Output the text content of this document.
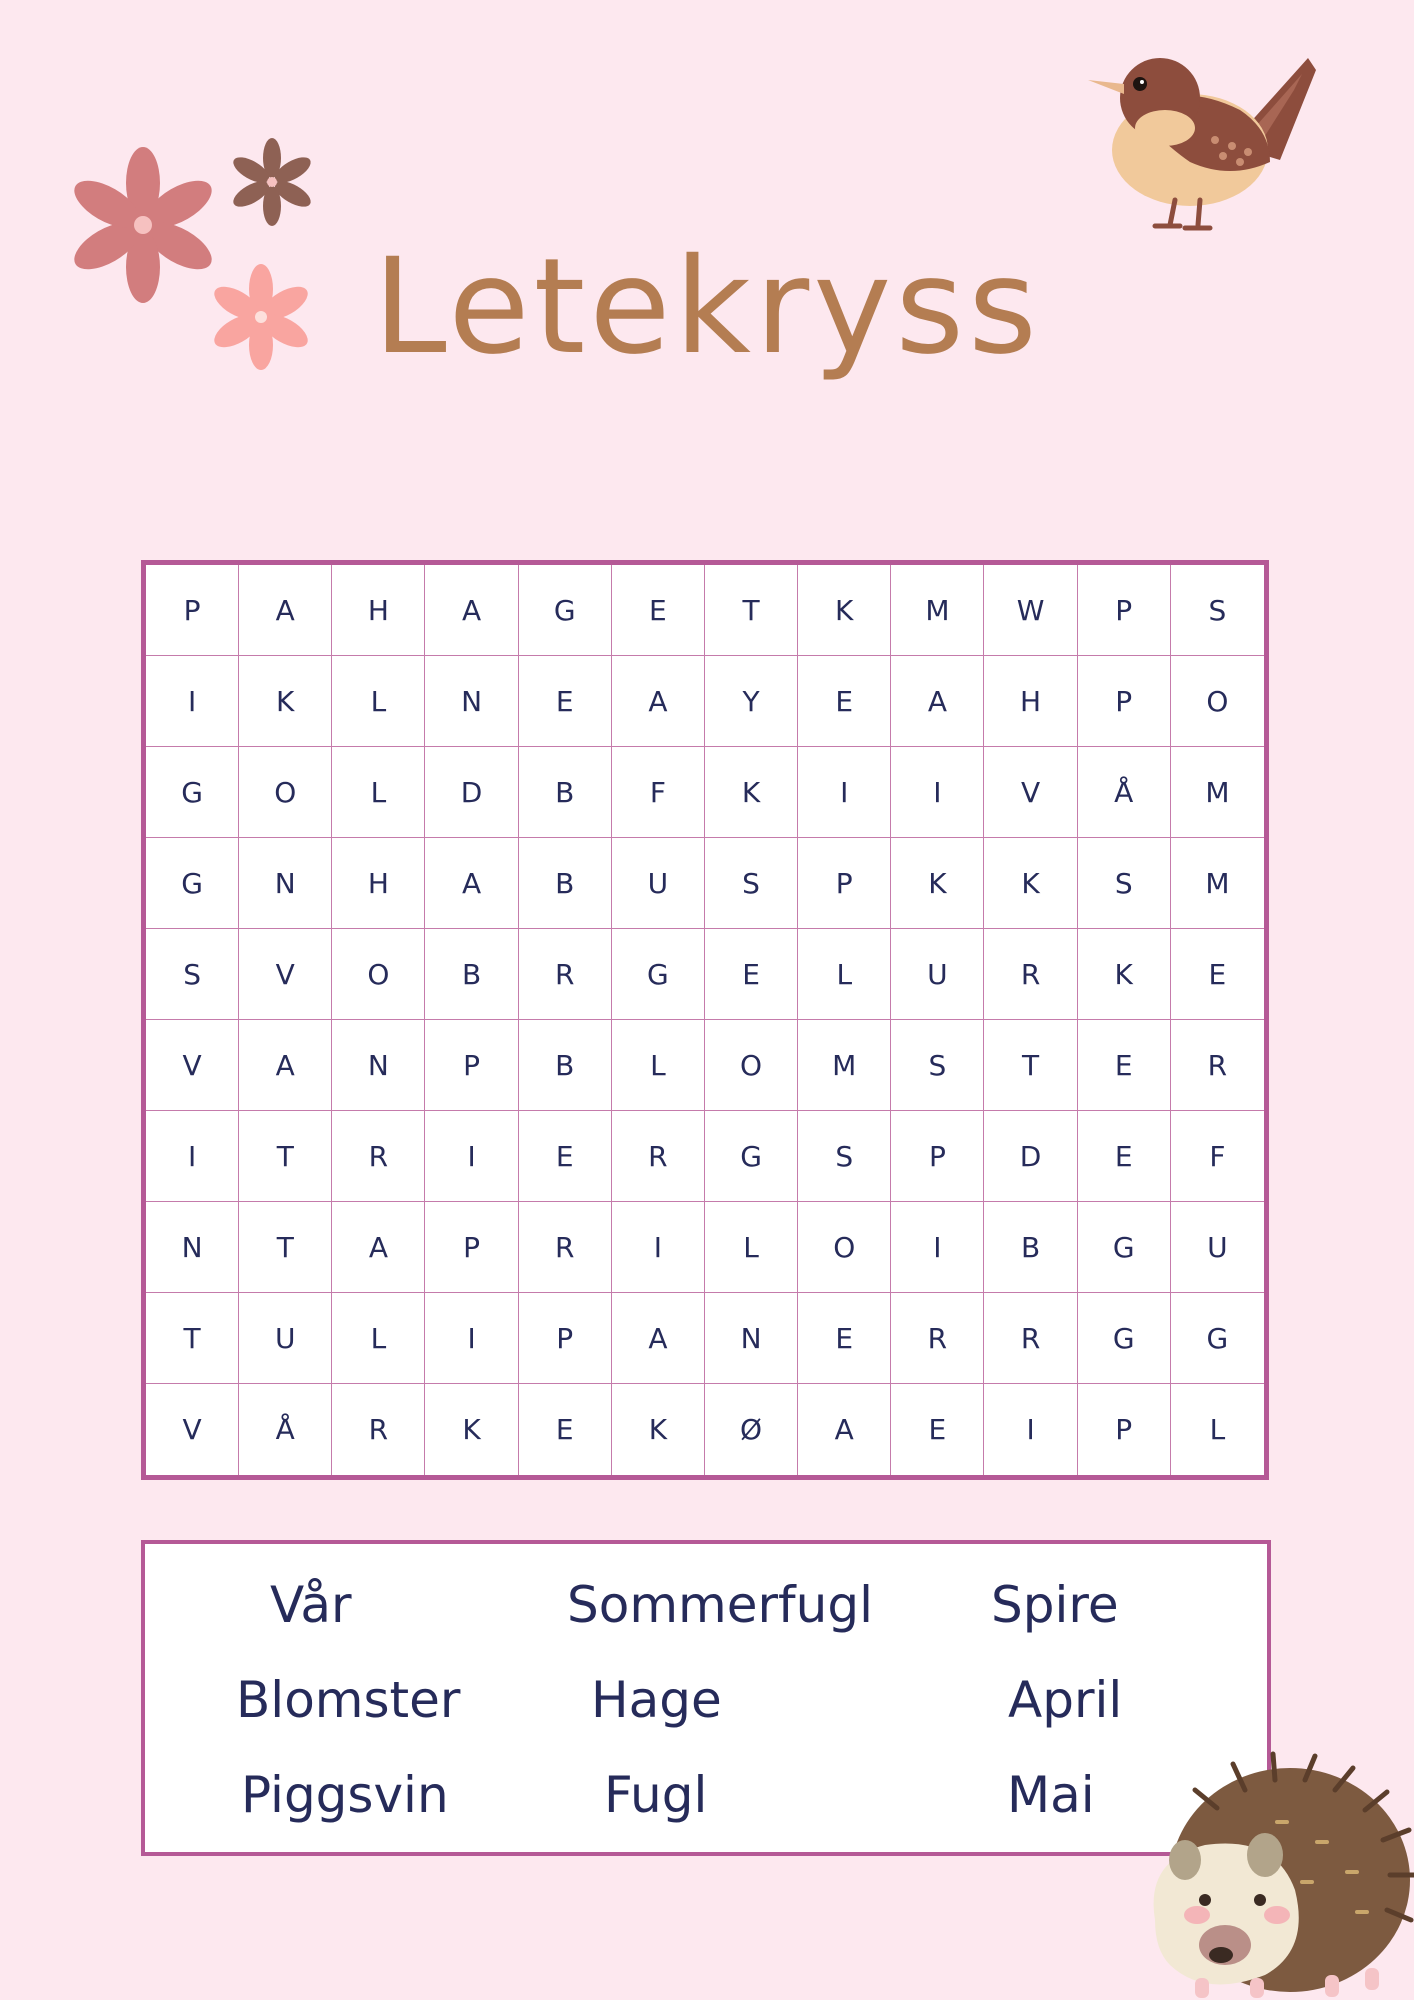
Letekryss
P	A	H	A	G	E	T	K	M	W	P	S
I	K	L	N	E	A	Y	E	A	H	P	O
G	O	L	D	B	F	K	I	I	V	Å	M
G	N	H	A	B	U	S	P	K	K	S	M
S	V	O	B	R	G	E	L	U	R	K	E
V	A	N	P	B	L	O	M	S	T	E	R
I	T	R	I	E	R	G	S	P	D	E	F
N	T	A	P	R	I	L	O	I	B	G	U
T	U	L	I	P	A	N	E	R	R	G	G
V	Å	R	K	E	K	Ø	A	E	I	P	L
Vår	Sommerfugl Spire
Blomster	Hage	April
Piggsvin	Fugl	Mai
